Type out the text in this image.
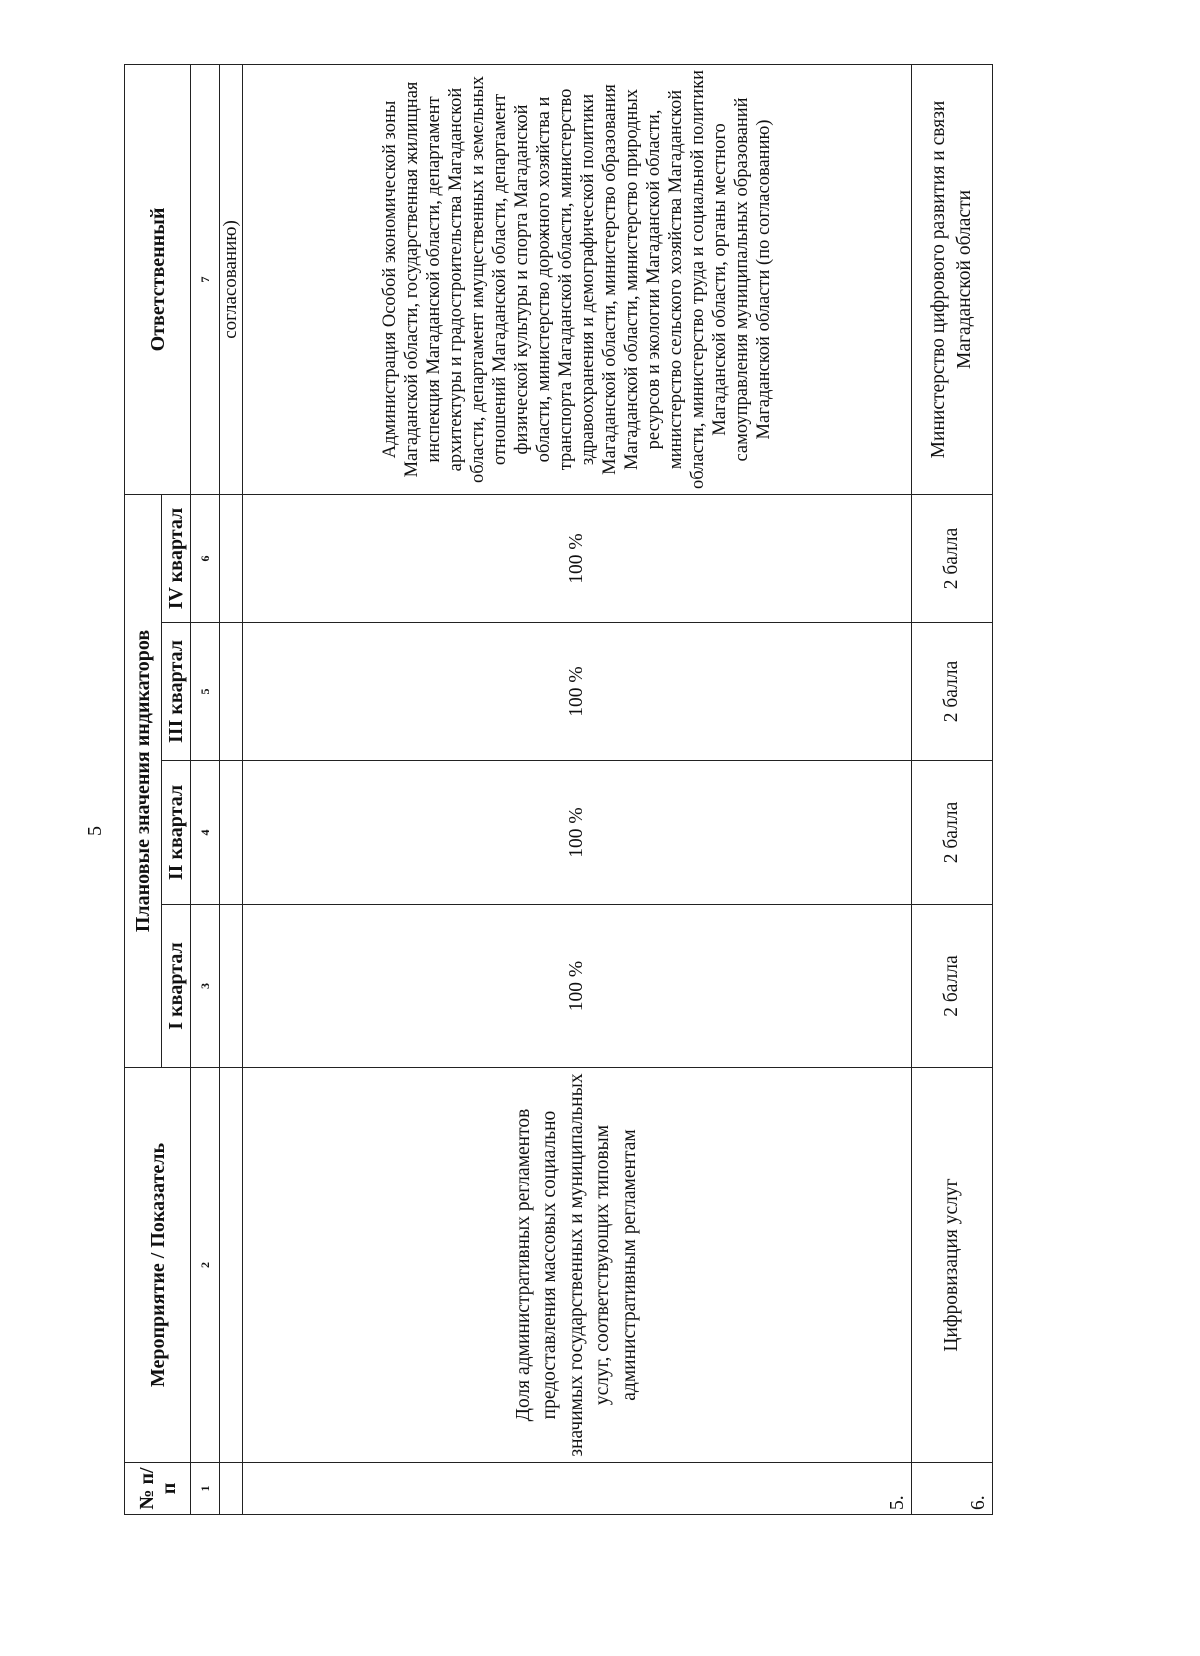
5
№ п/п	Мероприятие / Показатель	Плановые значения индикаторов				Ответственный
		I квартал	II квартал	III квартал	IV квартал	
1	2	3	4	5	6	7
						согласованию)
5.	Доля административных регламентов предоставления массовых социально значимых государственных и муниципальных услуг, соответствующих типовым административным регламентам	100 %	100 %	100 %	100 %	Администрация Особой экономической зоны Магаданской области, государственная жилищная инспекция Магаданской области, департамент архитектуры и градостроительства Магаданской области, департамент имущественных и земельных отношений Магаданской области, департамент физической культуры и спорта Магаданской области, министерство дорожного хозяйства и транспорта Магаданской области, министерство здравоохранения и демографической политики Магаданской области, министерство образования Магаданской области, министерство природных ресурсов и экологии Магаданской области, министерство сельского хозяйства Магаданской области, министерство труда и социальной политики Магаданской области, органы местного самоуправления муниципальных образований Магаданской области (по согласованию)
6.	Цифровизация услуг	2 балла	2 балла	2 балла	2 балла	Министерство цифрового развития и связи Магаданской области
